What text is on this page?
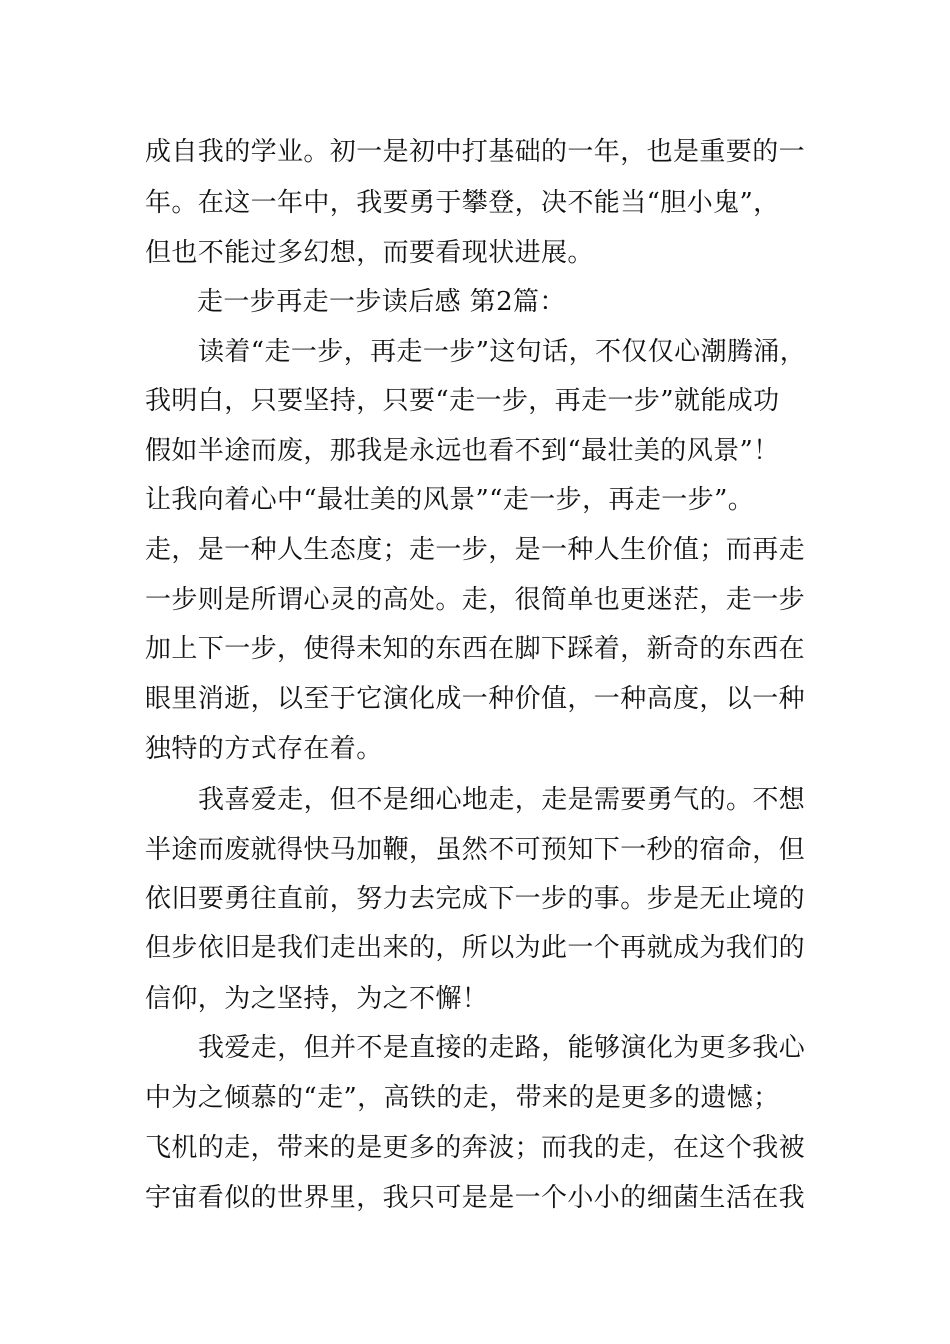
成自我的学业。初一是初中打基础的一年，也是重要的一
年。在这一年中，我要勇于攀登，决不能当“胆小鬼”，
但也不能过多幻想，而要看现状进展。
走一步再走一步读后感 第2篇：
读着“走一步，再走一步”这句话，不仅仅心潮腾涌，
我明白，只要坚持，只要“走一步，再走一步”就能成功
假如半途而废，那我是永远也看不到“最壮美的风景”！
让我向着心中“最壮美的风景”“走一步，再走一步”。
走，是一种人生态度；走一步，是一种人生价值；而再走
一步则是所谓心灵的高处。走，很简单也更迷茫，走一步
加上下一步，使得未知的东西在脚下踩着，新奇的东西在
眼里消逝，以至于它演化成一种价值，一种高度，以一种
独特的方式存在着。
我喜爱走，但不是细心地走，走是需要勇气的。不想
半途而废就得快马加鞭，虽然不可预知下一秒的宿命，但
依旧要勇往直前，努力去完成下一步的事。步是无止境的
但步依旧是我们走出来的，所以为此一个再就成为我们的
信仰，为之坚持，为之不懈！
我爱走，但并不是直接的走路，能够演化为更多我心
中为之倾慕的“走”，高铁的走，带来的是更多的遗憾；
飞机的走，带来的是更多的奔波；而我的走，在这个我被
宇宙看似的世界里，我只可是是一个小小的细菌生活在我
